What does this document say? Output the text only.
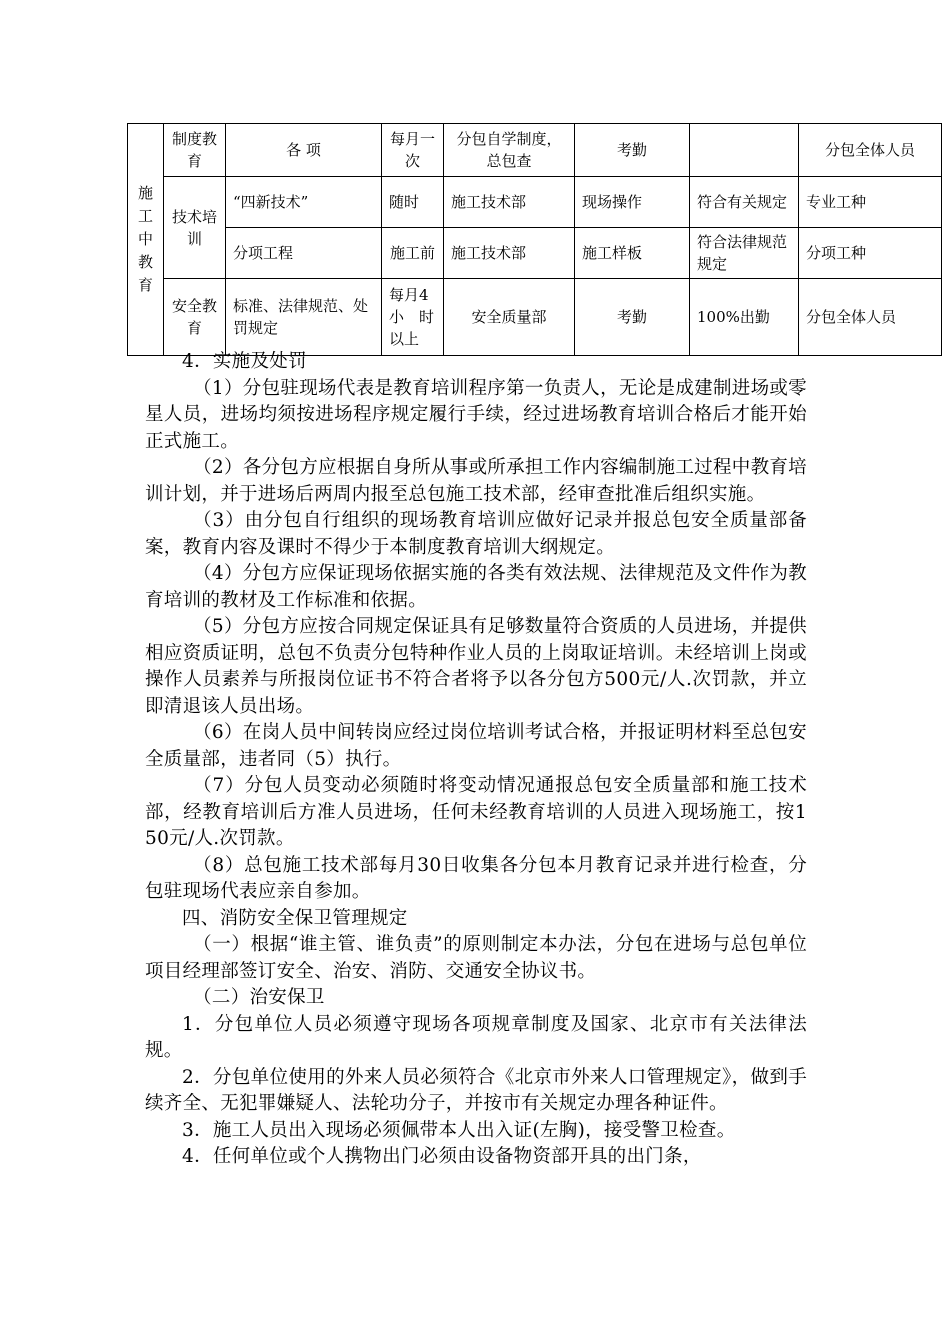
施工中教育	制度教育	各 项	每月一 次	分包自学制度，总包查	考勤		分包全体人员
	技术培训	“四新技术”	随时	施工技术部	现场操作	符合有关规定	专业工种
		分项工程	施工前	施工技术部	施工样板	符合法律规范规定	分项工种
	安全教育	标准、法律规范、处罚规定	每月4小　时以上	安全质量部	考勤	100%出勤	分包全体人员

4．实施及处罚

（1）分包驻现场代表是教育培训程序第一负责人，无论是成建制进场或零星人员，进场均须按进场程序规定履行手续，经过进场教育培训合格后才能开始正式施工。

（2）各分包方应根据自身所从事或所承担工作内容编制施工过程中教育培训计划，并于进场后两周内报至总包施工技术部，经审查批准后组织实施。

（3）由分包自行组织的现场教育培训应做好记录并报总包安全质量部备案，教育内容及课时不得少于本制度教育培训大纲规定。

（4）分包方应保证现场依据实施的各类有效法规、法律规范及文件作为教育培训的教材及工作标准和依据。

（5）分包方应按合同规定保证具有足够数量符合资质的人员进场，并提供相应资质证明，总包不负责分包特种作业人员的上岗取证培训。未经培训上岗或操作人员素养与所报岗位证书不符合者将予以各分包方500元/人.次罚款，并立即清退该人员出场。

（6）在岗人员中间转岗应经过岗位培训考试合格，并报证明材料至总包安全质量部，违者同（5）执行。

（7）分包人员变动必须随时将变动情况通报总包安全质量部和施工技术部，经教育培训后方准人员进场，任何未经教育培训的人员进入现场施工，按150元/人.次罚款。

（8）总包施工技术部每月30日收集各分包本月教育记录并进行检查，分包驻现场代表应亲自参加。

四、消防安全保卫管理规定

（一）根据“谁主管、谁负责”的原则制定本办法，分包在进场与总包单位项目经理部签订安全、治安、消防、交通安全协议书。

（二）治安保卫

1．分包单位人员必须遵守现场各项规章制度及国家、北京市有关法律法规。

2．分包单位使用的外来人员必须符合《北京市外来人口管理规定》，做到手续齐全、无犯罪嫌疑人、法轮功分子，并按市有关规定办理各种证件。

3．施工人员出入现场必须佩带本人出入证(左胸)，接受警卫检查。

4．任何单位或个人携物出门必须由设备物资部开具的出门条，
